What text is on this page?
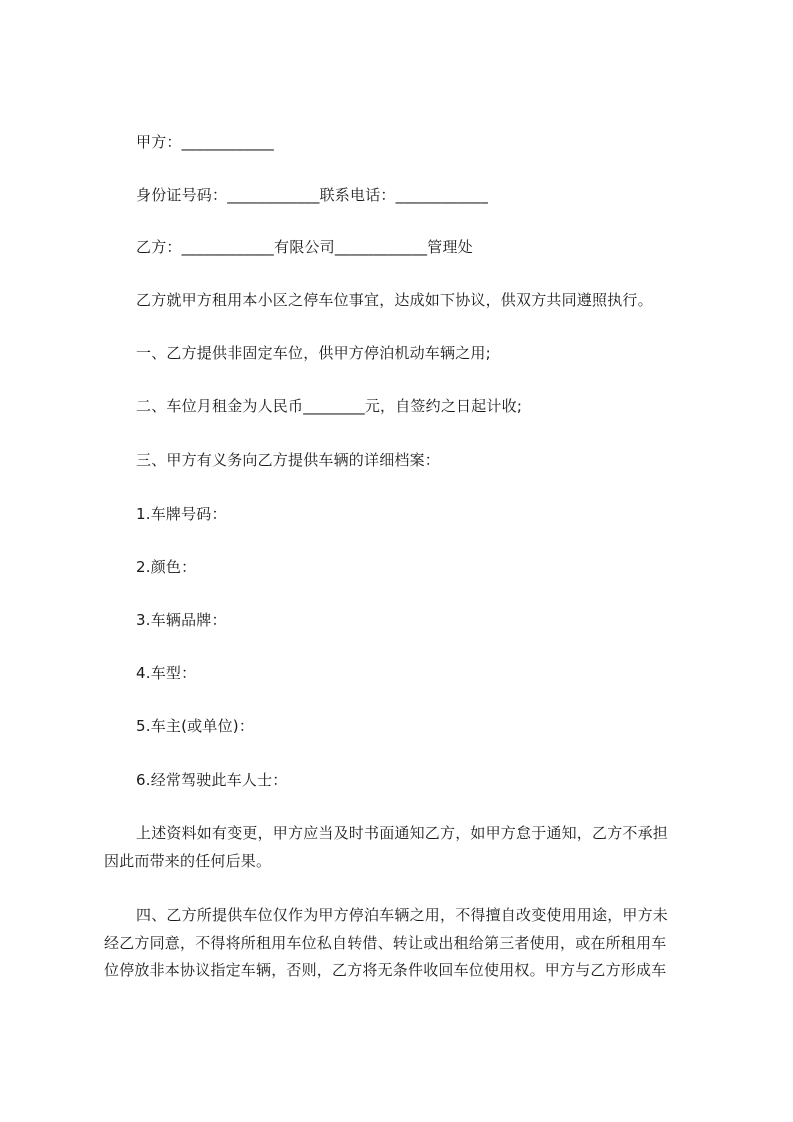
甲方：____________
身份证号码：____________联系电话：____________
乙方：____________有限公司____________管理处
乙方就甲方租用本小区之停车位事宜，达成如下协议，供双方共同遵照执行。
一、乙方提供非固定车位，供甲方停泊机动车辆之用;
二、车位月租金为人民币________元，自签约之日起计收;
三、甲方有义务向乙方提供车辆的详细档案：
1.车牌号码：
2.颜色：
3.车辆品牌：
4.车型：
5.车主(或单位)：
6.经常驾驶此车人士：
上述资料如有变更，甲方应当及时书面通知乙方，如甲方怠于通知，乙方不承担
因此而带来的任何后果。
四、乙方所提供车位仅作为甲方停泊车辆之用，不得擅自改变使用用途，甲方未
经乙方同意，不得将所租用车位私自转借、转让或出租给第三者使用，或在所租用车
位停放非本协议指定车辆，否则，乙方将无条件收回车位使用权。甲方与乙方形成车
